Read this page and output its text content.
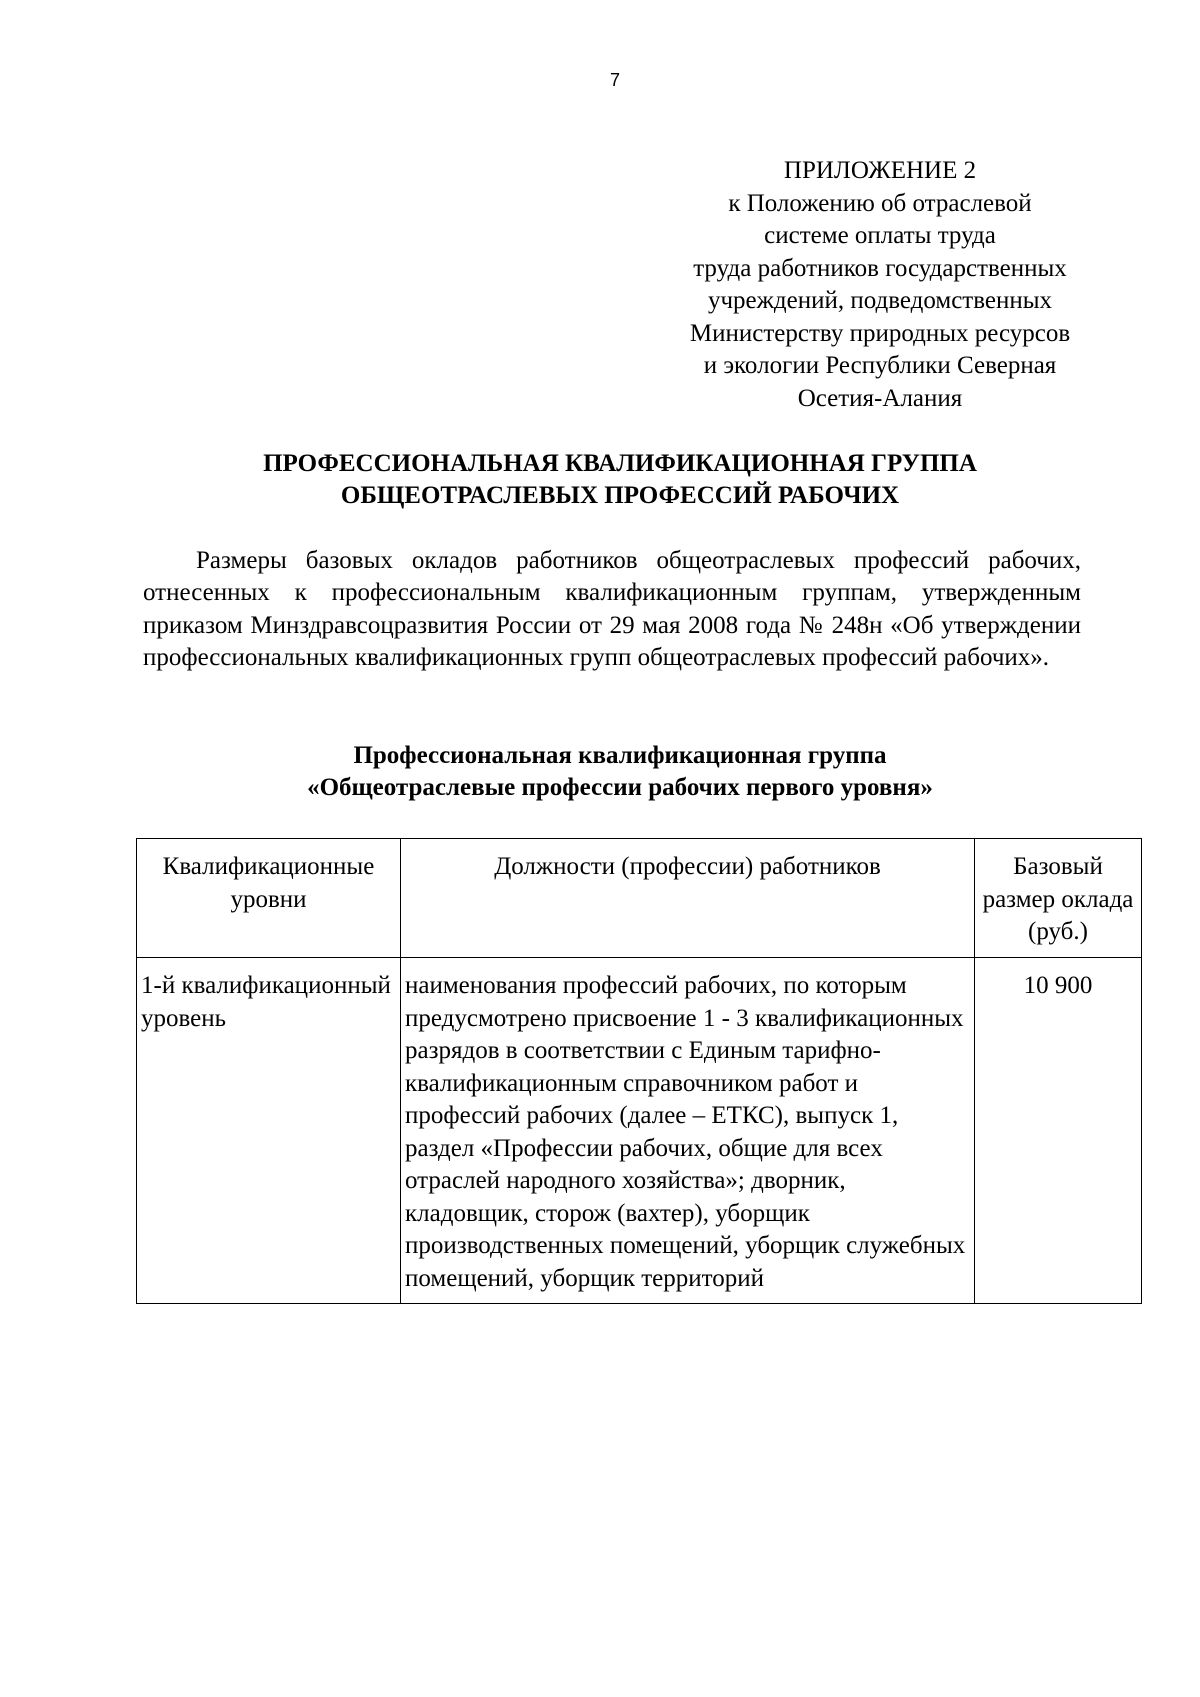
7
ПРИЛОЖЕНИЕ 2
к Положению об отраслевой
системе оплаты труда
труда работников государственных
учреждений, подведомственных
Министерству природных ресурсов
и экологии Республики Северная
Осетия-Алания
ПРОФЕССИОНАЛЬНАЯ КВАЛИФИКАЦИОННАЯ ГРУППА
ОБЩЕОТРАСЛЕВЫХ ПРОФЕССИЙ РАБОЧИХ

Размеры базовых окладов работников общеотраслевых профессий рабочих, отнесенных к профессиональным квалификационным группам, утвержденным приказом Минздравсоцразвития России от 29 мая 2008 года № 248н «Об утверждении профессиональных квалификационных групп общеотраслевых профессий рабочих».

Профессиональная квалификационная группа
«Общеотраслевые профессии рабочих первого уровня»
Квалификационные уровни	Должности (профессии) работников	Базовый размер оклада (руб.)
1-й квалификационный уровень	наименования профессий рабочих, по которым предусмотрено присвоение 1 - 3 квалификационных разрядов в соответствии с Единым тарифно-квалификационным справочником работ и профессий рабочих (далее – ЕТКС), выпуск 1, раздел «Профессии рабочих, общие для всех отраслей народного хозяйства»; дворник, кладовщик, сторож (вахтер), уборщик производственных помещений, уборщик служебных помещений, уборщик территорий	10 900
